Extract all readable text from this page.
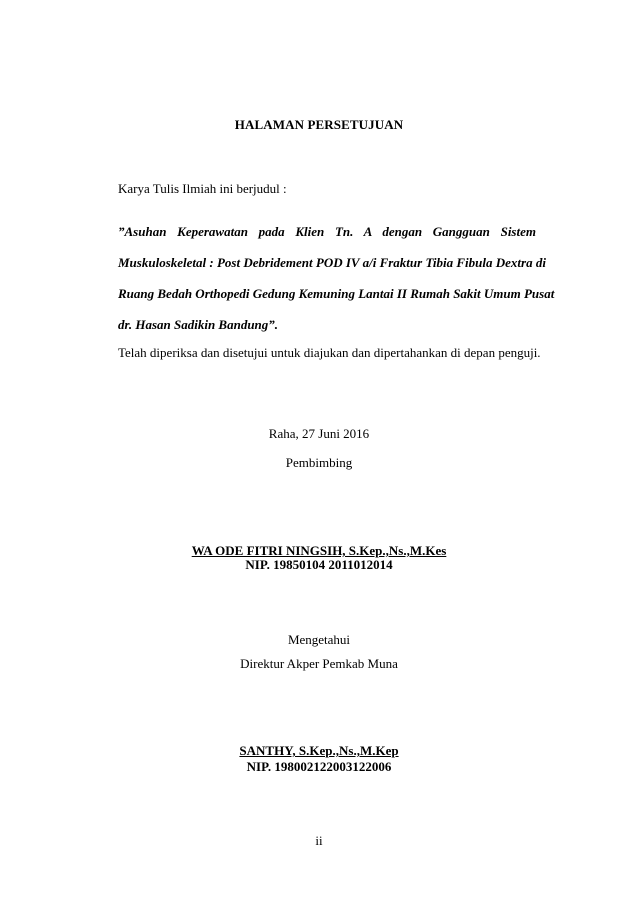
HALAMAN PERSETUJUAN
Karya Tulis Ilmiah ini berjudul :
”Asuhan Keperawatan pada Klien Tn. A dengan Gangguan Sistem
Muskuloskeletal : Post Debridement POD IV a/i Fraktur Tibia Fibula Dextra di
Ruang Bedah Orthopedi Gedung Kemuning Lantai II Rumah Sakit Umum Pusat
dr. Hasan Sadikin Bandung”.
Telah diperiksa dan disetujui untuk diajukan dan dipertahankan di depan penguji.
Raha, 27 Juni 2016
Pembimbing
WA ODE FITRI NINGSIH, S.Kep.,Ns.,M.Kes
NIP. 19850104 2011012014
Mengetahui
Direktur Akper Pemkab Muna
SANTHY, S.Kep.,Ns.,M.Kep
NIP. 198002122003122006
ii
